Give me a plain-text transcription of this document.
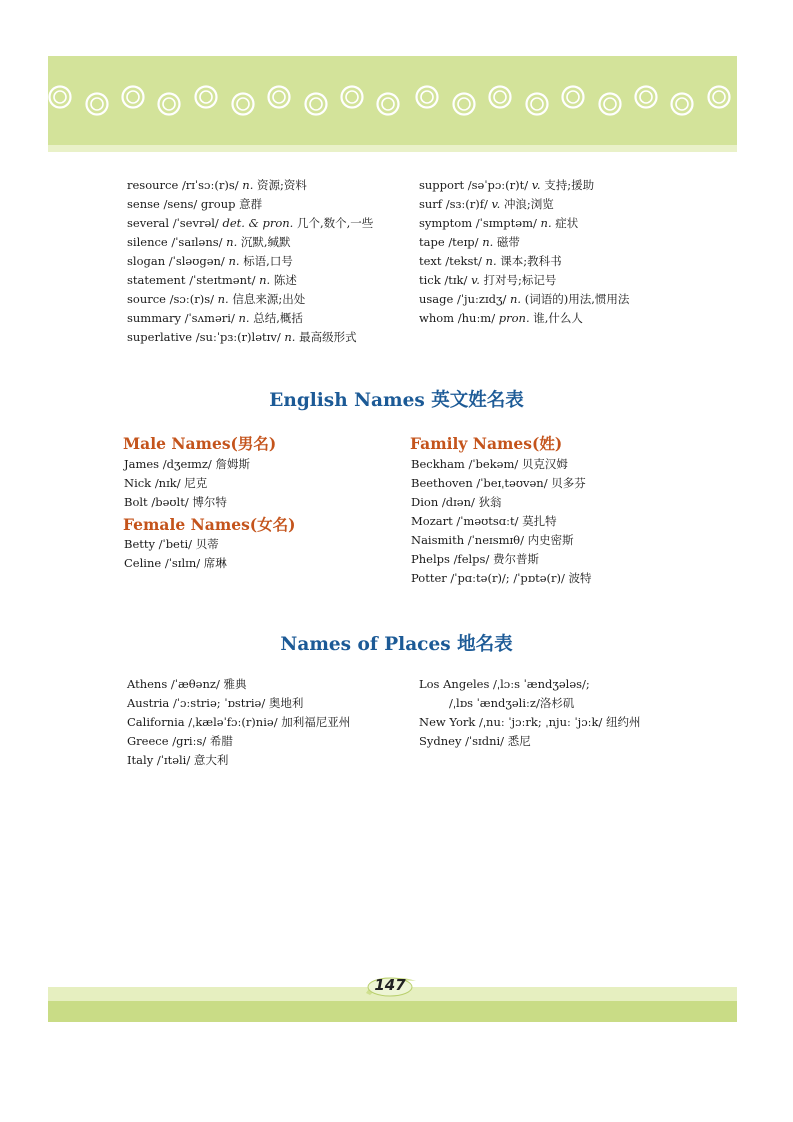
resource /rɪˈsɔː(r)s/ n. 资源;资料
sense /sens/ group 意群
several /ˈsevrəl/ det. & pron. 几个,数个,一些
silence /ˈsaɪləns/ n. 沉默,缄默
slogan /ˈsləʊgən/ n. 标语,口号
statement /ˈsteɪtmənt/ n. 陈述
source /sɔː(r)s/ n. 信息来源;出处
summary /ˈsʌməri/ n. 总结,概括
superlative /suːˈpɜː(r)lətɪv/ n. 最高级形式
support /səˈpɔː(r)t/ v. 支持;援助
surf /sɜː(r)f/ v. 冲浪;浏览
symptom /ˈsɪmptəm/ n. 症状
tape /teɪp/ n. 磁带
text /tekst/ n. 课本;教科书
tick /tɪk/ v. 打对号;标记号
usage /ˈjuːzɪdʒ/ n. (词语的)用法,惯用法
whom /huːm/ pron. 谁,什么人
English Names 英文姓名表
Male Names(男名)
James /dʒeɪmz/ 詹姆斯
Nick /nɪk/ 尼克
Bolt /bəʊlt/ 博尔特
Female Names(女名)
Betty /ˈbeti/ 贝蒂
Celine /ˈsɪlɪn/ 席琳
Family Names(姓)
Beckham /ˈbekəm/ 贝克汉姆
Beethoven /ˈbeɪˌtəʊvən/ 贝多芬
Dion /dɪən/ 狄翁
Mozart /ˈməʊtsɑːt/ 莫扎特
Naismith /ˈneɪsmɪθ/ 内史密斯
Phelps /felps/ 费尔普斯
Potter /ˈpɑːtə(r)/; /ˈpɒtə(r)/ 波特
Names of Places 地名表
Athens /ˈæθənz/ 雅典
Austria /ˈɔːstriə; ˈɒstriə/ 奥地利
California /ˌkæləˈfɔː(r)niə/ 加利福尼亚州
Greece /griːs/ 希腊
Italy /ˈɪtəli/ 意大利
Los Angeles /ˌlɔːs ˈændʒələs/;
/ˌlɒs ˈændʒəliːz/洛杉矶
New York /ˌnuː ˈjɔːrk; ˌnjuː ˈjɔːk/ 纽约州
Sydney /ˈsɪdni/ 悉尼
147
